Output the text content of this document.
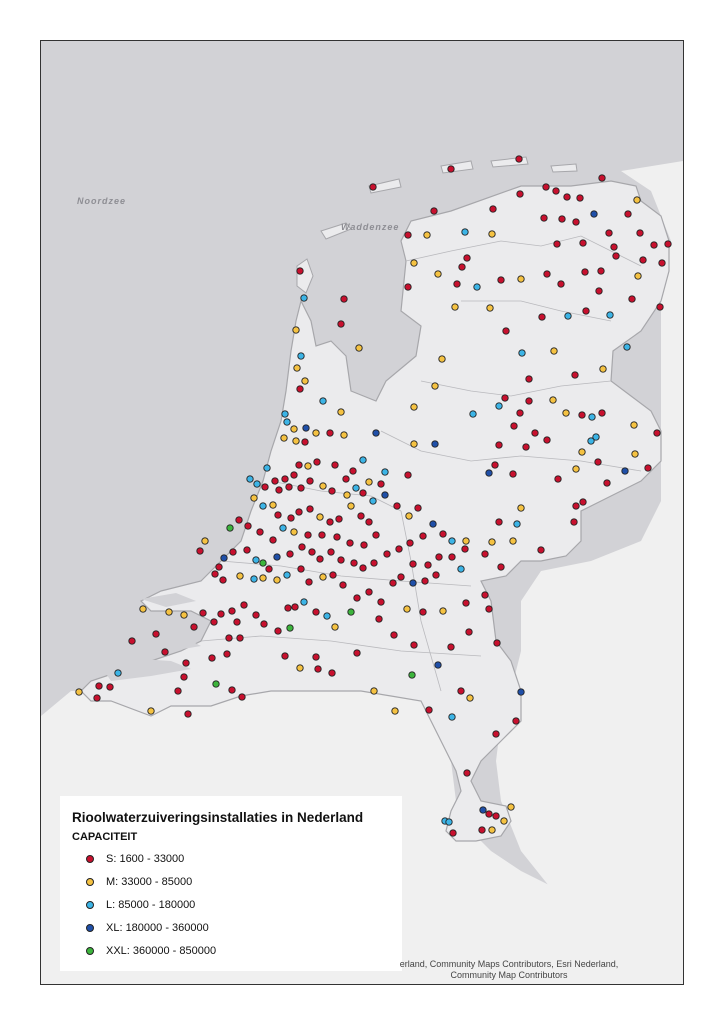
Noordzee
Waddenzee
Rioolwaterzuiveringsinstallaties in Nederland
CAPACITEIT
S: 1600 - 33000
M: 33000 - 85000
L: 85000 - 180000
XL: 180000 - 360000
XXL: 360000 - 850000
erland, Community Maps Contributors, Esri Nederland,
Community Map Contributors
